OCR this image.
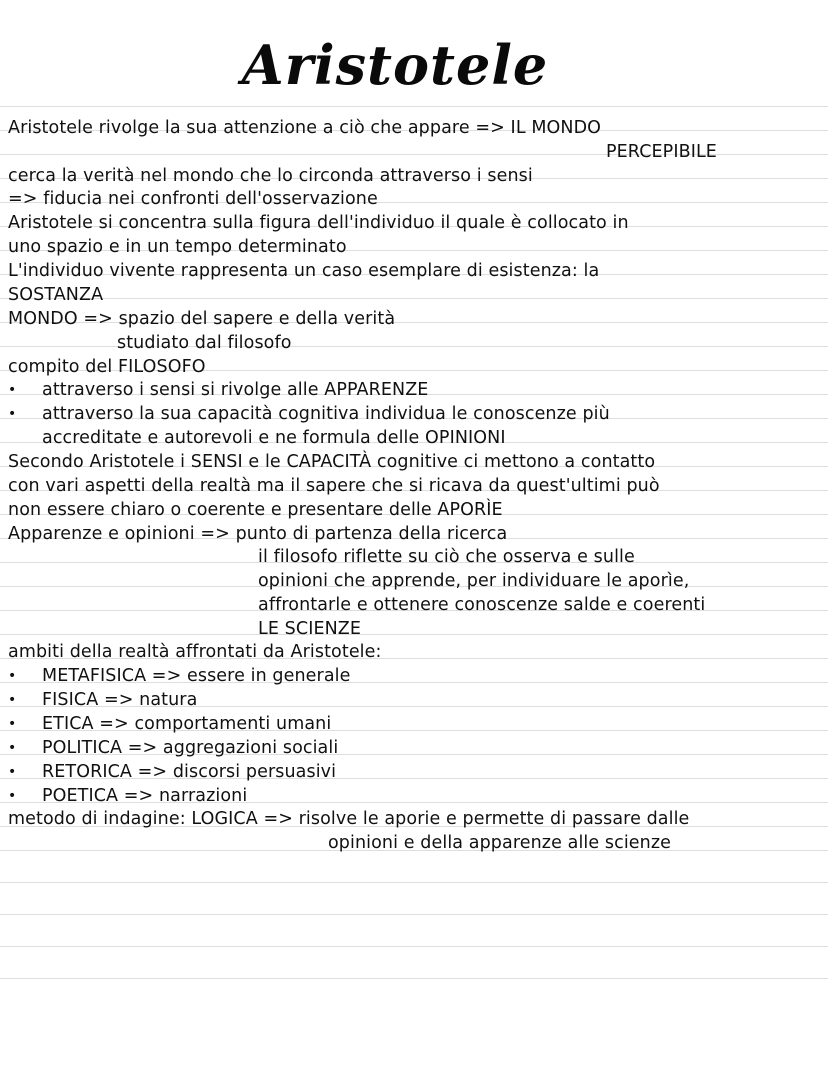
Aristotele
Aristotele rivolge la sua attenzione a ciò che appare => IL MONDO
PERCEPIBILE
cerca la verità nel mondo che lo circonda attraverso i sensi
=> fiducia nei confronti dell'osservazione
Aristotele si concentra sulla figura dell'individuo il quale è collocato in
uno spazio e in un tempo determinato
L'individuo vivente rappresenta un caso esemplare di esistenza: la
SOSTANZA
MONDO => spazio del sapere e della verità
studiato dal filosofo
compito del FILOSOFO
• attraverso i sensi si rivolge alle APPARENZE
• attraverso la sua capacità cognitiva individua le conoscenze più
accreditate e autorevoli e ne formula delle OPINIONI
Secondo Aristotele i SENSI e le CAPACITÀ cognitive ci mettono a contatto
con vari aspetti della realtà ma il sapere che si ricava da quest'ultimi può
non essere chiaro o coerente e presentare delle APORÌE
Apparenze e opinioni => punto di partenza della ricerca
il filosofo riflette su ciò che osserva e sulle
opinioni che apprende, per individuare le aporìe,
affrontarle e ottenere conoscenze salde e coerenti
LE SCIENZE
ambiti della realtà affrontati da Aristotele:
• METAFISICA => essere in generale
• FISICA => natura
• ETICA => comportamenti umani
• POLITICA => aggregazioni sociali
• RETORICA => discorsi persuasivi
• POETICA => narrazioni
metodo di indagine: LOGICA => risolve le aporie e permette di passare dalle
opinioni e della apparenze alle scienze
